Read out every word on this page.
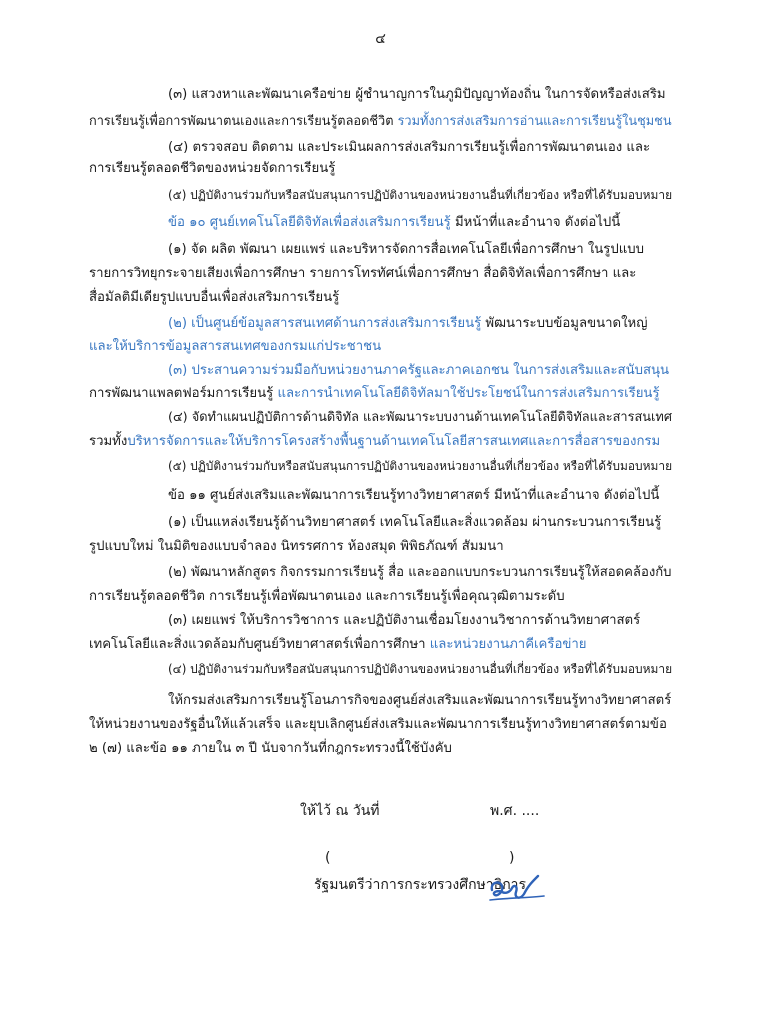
๔
(๓) แสวงหาและพัฒนาเครือข่าย ผู้ชำนาญการในภูมิปัญญาท้องถิ่น ในการจัดหรือส่งเสริม
การเรียนรู้เพื่อการพัฒนาตนเองและการเรียนรู้ตลอดชีวิต รวมทั้งการส่งเสริมการอ่านและการเรียนรู้ในชุมชน
(๔) ตรวจสอบ ติดตาม และประเมินผลการส่งเสริมการเรียนรู้เพื่อการพัฒนาตนเอง และ
การเรียนรู้ตลอดชีวิตของหน่วยจัดการเรียนรู้
(๕) ปฏิบัติงานร่วมกับหรือสนับสนุนการปฏิบัติงานของหน่วยงานอื่นที่เกี่ยวข้อง หรือที่ได้รับมอบหมาย
ข้อ ๑๐ ศูนย์เทคโนโลยีดิจิทัลเพื่อส่งเสริมการเรียนรู้ มีหน้าที่และอำนาจ ดังต่อไปนี้
(๑) จัด ผลิต พัฒนา เผยแพร่ และบริหารจัดการสื่อเทคโนโลยีเพื่อการศึกษา ในรูปแบบ
รายการวิทยุกระจายเสียงเพื่อการศึกษา รายการโทรทัศน์เพื่อการศึกษา สื่อดิจิทัลเพื่อการศึกษา และ
สื่อมัลติมีเดียรูปแบบอื่นเพื่อส่งเสริมการเรียนรู้
(๒) เป็นศูนย์ข้อมูลสารสนเทศด้านการส่งเสริมการเรียนรู้ พัฒนาระบบข้อมูลขนาดใหญ่
และให้บริการข้อมูลสารสนเทศของกรมแก่ประชาชน
(๓) ประสานความร่วมมือกับหน่วยงานภาครัฐและภาคเอกชน ในการส่งเสริมและสนับสนุน
การพัฒนาแพลตฟอร์มการเรียนรู้ และการนำเทคโนโลยีดิจิทัลมาใช้ประโยชน์ในการส่งเสริมการเรียนรู้
(๔) จัดทำแผนปฏิบัติการด้านดิจิทัล และพัฒนาระบบงานด้านเทคโนโลยีดิจิทัลและสารสนเทศ
รวมทั้งบริหารจัดการและให้บริการโครงสร้างพื้นฐานด้านเทคโนโลยีสารสนเทศและการสื่อสารของกรม
(๕) ปฏิบัติงานร่วมกับหรือสนับสนุนการปฏิบัติงานของหน่วยงานอื่นที่เกี่ยวข้อง หรือที่ได้รับมอบหมาย
ข้อ ๑๑ ศูนย์ส่งเสริมและพัฒนาการเรียนรู้ทางวิทยาศาสตร์ มีหน้าที่และอำนาจ ดังต่อไปนี้
(๑) เป็นแหล่งเรียนรู้ด้านวิทยาศาสตร์ เทคโนโลยีและสิ่งแวดล้อม ผ่านกระบวนการเรียนรู้
รูปแบบใหม่ ในมิติของแบบจำลอง นิทรรศการ ห้องสมุด พิพิธภัณฑ์ สัมมนา
(๒) พัฒนาหลักสูตร กิจกรรมการเรียนรู้ สื่อ และออกแบบกระบวนการเรียนรู้ให้สอดคล้องกับ
การเรียนรู้ตลอดชีวิต การเรียนรู้เพื่อพัฒนาตนเอง และการเรียนรู้เพื่อคุณวุฒิตามระดับ
(๓) เผยแพร่ ให้บริการวิชาการ และปฏิบัติงานเชื่อมโยงงานวิชาการด้านวิทยาศาสตร์
เทคโนโลยีและสิ่งแวดล้อมกับศูนย์วิทยาศาสตร์เพื่อการศึกษา และหน่วยงานภาคีเครือข่าย
(๔) ปฏิบัติงานร่วมกับหรือสนับสนุนการปฏิบัติงานของหน่วยงานอื่นที่เกี่ยวข้อง หรือที่ได้รับมอบหมาย
ให้กรมส่งเสริมการเรียนรู้โอนภารกิจของศูนย์ส่งเสริมและพัฒนาการเรียนรู้ทางวิทยาศาสตร์
ให้หน่วยงานของรัฐอื่นให้แล้วเสร็จ และยุบเลิกศูนย์ส่งเสริมและพัฒนาการเรียนรู้ทางวิทยาศาสตร์ตามข้อ
๒ (๗) และข้อ ๑๑ ภายใน ๓ ปี นับจากวันที่กฎกระทรวงนี้ใช้บังคับ
ให้ไว้ ณ วันที่	พ.ศ. ....
(	)
รัฐมนตรีว่าการกระทรวงศึกษาธิการ
